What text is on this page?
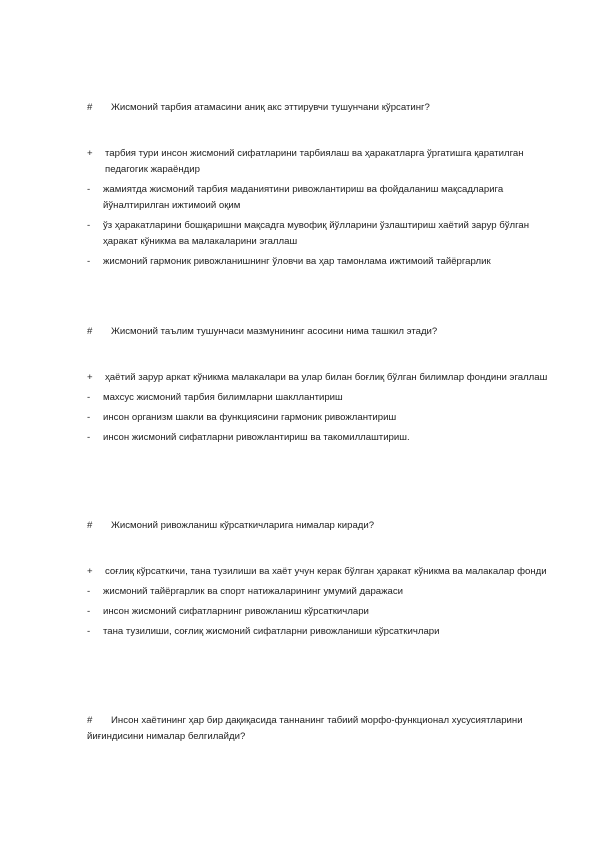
# Жисмоний тарбия атамасини аниқ акс эттирувчи тушунчани кўрсатинг?
+	тарбия тури инсон жисмоний сифатларини тарбиялаш ва ҳаракатларга ўргатишга қаратилган педагогик жараёндир
-	жамиятда жисмоний тарбия маданиятини ривожлантириш ва фойдаланиш мақсадларига йўналтирилган ижтимоий оқим
-	ўз ҳаракатларини бошқаришни мақсадга мувофиқ йўлларини ўзлаштириш хаётий зарур бўлган ҳаракат кўникма ва малакаларини эгаллаш
-	жисмоний гармоник ривожланишнинг ўловчи ва ҳар тамонлама ижтимоий тайёргарлик
# Жисмоний таълим тушунчаси мазмунининг асосини нима ташкил этади?
+	ҳаётий зарур аркат кўникма малакалари ва улар билан боғлиқ бўлган билимлар фондини эгаллаш
-	махсус жисмоний тарбия билимларни шакллантириш
-	инсон организм шакли ва функциясини гармоник ривожлантириш
-	инсон жисмоний сифатларни ривожлантириш ва такомиллаштириш.
# Жисмоний ривожланиш кўрсаткичларига нималар киради?
+	соғлиқ кўрсаткичи, тана тузилиши ва хаёт учун керак бўлган ҳаракат кўникма ва малакалар фонди
-	жисмоний тайёргарлик ва спорт натижаларининг умумий даражаси
-	инсон жисмоний сифатларнинг ривожланиш кўрсаткичлари
-	тана тузилиши, соғлиқ жисмоний сифатларни ривожланиши кўрсаткичлари
# Инсон хаётининг ҳар бир дақиқасида таннанинг табиий морфо-функционал хусусиятларини йиғиндисини нималар белгилайди?
